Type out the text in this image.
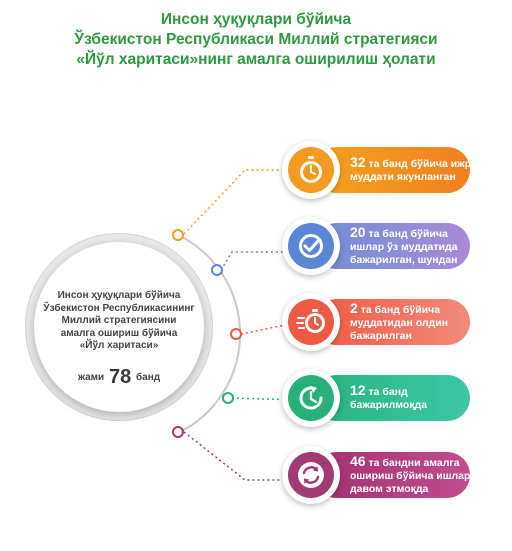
Инсон ҳуқуқлари бўйича
Ўзбекистон Республикаси Миллий стратегияси
«Йўл харитаси»нинг амалга оширилиш ҳолати
Инсон ҳуқуқлари бўйича
Ўзбекистон Республикасининг
Миллий стратегиясини
амалга ошириш бўйича
«Йўл харитаси»
жами 78 банд
32 та банд бўйича ижро
муддати якунланган
20 та банд бўйича
ишлар ўз муддатида
бажарилган, шундан
2 та банд бўйича
муддатидан олдин
бажарилган
12 та банд
бажарилмоқда
46 та бандни амалга
ошириш бўйича ишлар
давом этмоқда
